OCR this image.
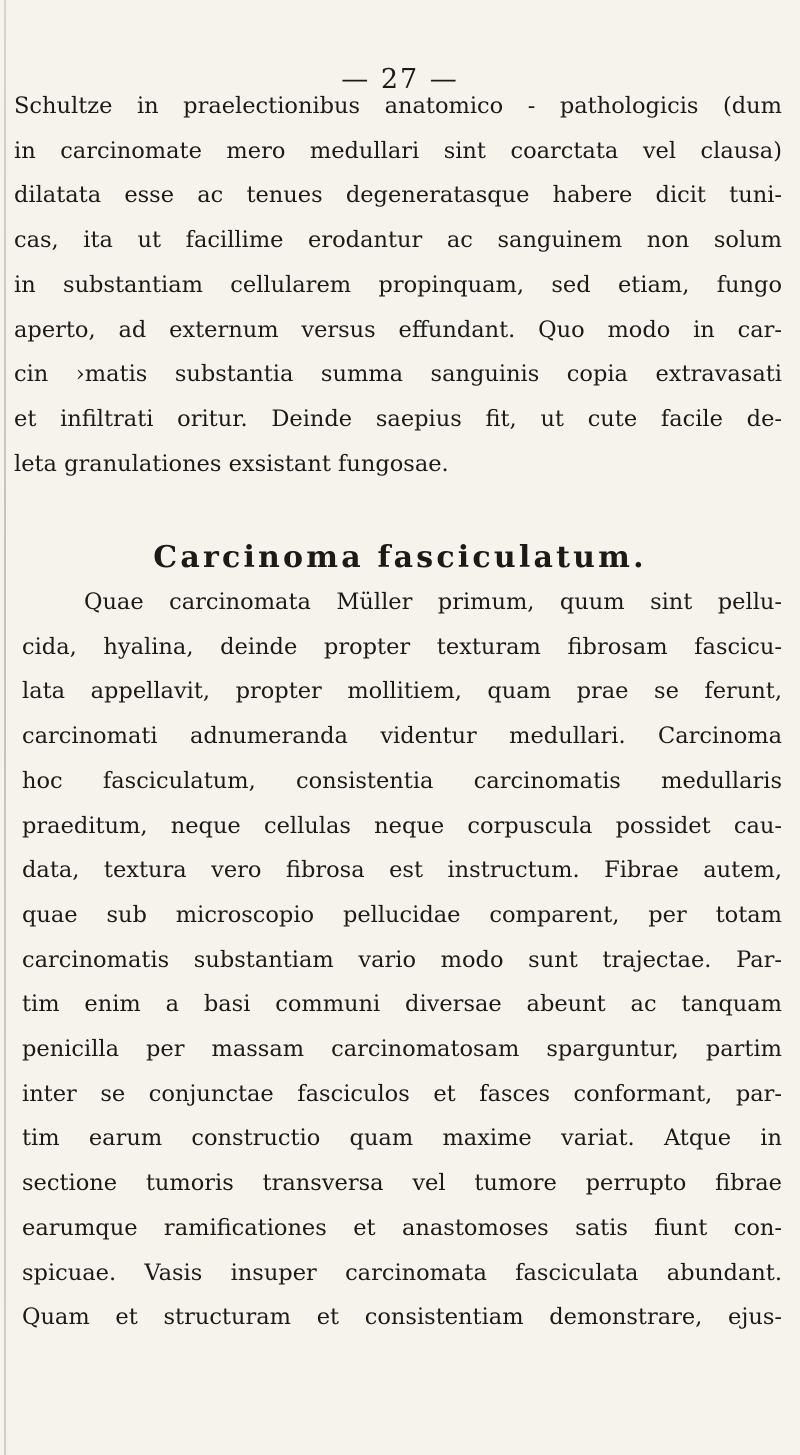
— 27 —
Schultze in praelectionibus anatomico - pathologicis (dum
in carcinomate mero medullari sint coarctata vel clausa)
dilatata esse ac tenues degeneratasque habere dicit tuni-
cas, ita ut facillime erodantur ac sanguinem non solum
in substantiam cellularem propinquam, sed etiam, fungo
aperto, ad externum versus effundant. Quo modo in car-
cin ›matis substantia summa sanguinis copia extravasati
et infiltrati oritur. Deinde saepius fit, ut cute facile de-
leta granulationes exsistant fungosae.
Carcinoma fasciculatum.
Quae carcinomata Müller primum, quum sint pellu-
cida, hyalina, deinde propter texturam fibrosam fascicu-
lata appellavit, propter mollitiem, quam prae se ferunt,
carcinomati adnumeranda videntur medullari. Carcinoma
hoc fasciculatum, consistentia carcinomatis medullaris
praeditum, neque cellulas neque corpuscula possidet cau-
data, textura vero fibrosa est instructum. Fibrae autem,
quae sub microscopio pellucidae comparent, per totam
carcinomatis substantiam vario modo sunt trajectae. Par-
tim enim a basi communi diversae abeunt ac tanquam
penicilla per massam carcinomatosam sparguntur, partim
inter se conjunctae fasciculos et fasces conformant, par-
tim earum constructio quam maxime variat. Atque in
sectione tumoris transversa vel tumore perrupto fibrae
earumque ramificationes et anastomoses satis fiunt con-
spicuae. Vasis insuper carcinomata fasciculata abundant.
Quam et structuram et consistentiam demonstrare, ejus-
